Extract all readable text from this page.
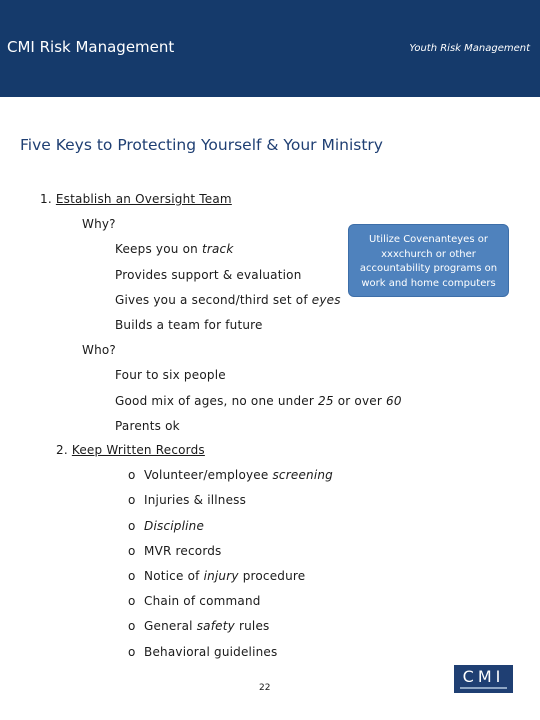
CMI Risk Management	Youth Risk Management
Five Keys to Protecting Yourself & Your Ministry
1. Establish an Oversight Team
Why?
Keeps you on track
Provides support & evaluation
Gives you a second/third set of eyes
Builds a team for future
Utilize Covenanteyes or
xxxchurch or other
accountability programs on
work and home computers
Who?
Four to six people
Good mix of ages, no one under 25 or over 60
Parents ok
2. Keep Written Records
o Volunteer/employee screening
o Injuries & illness
o Discipline
o MVR records
o Notice of injury procedure
o Chain of command
o General safety rules
o Behavioral guidelines
22
CMI
